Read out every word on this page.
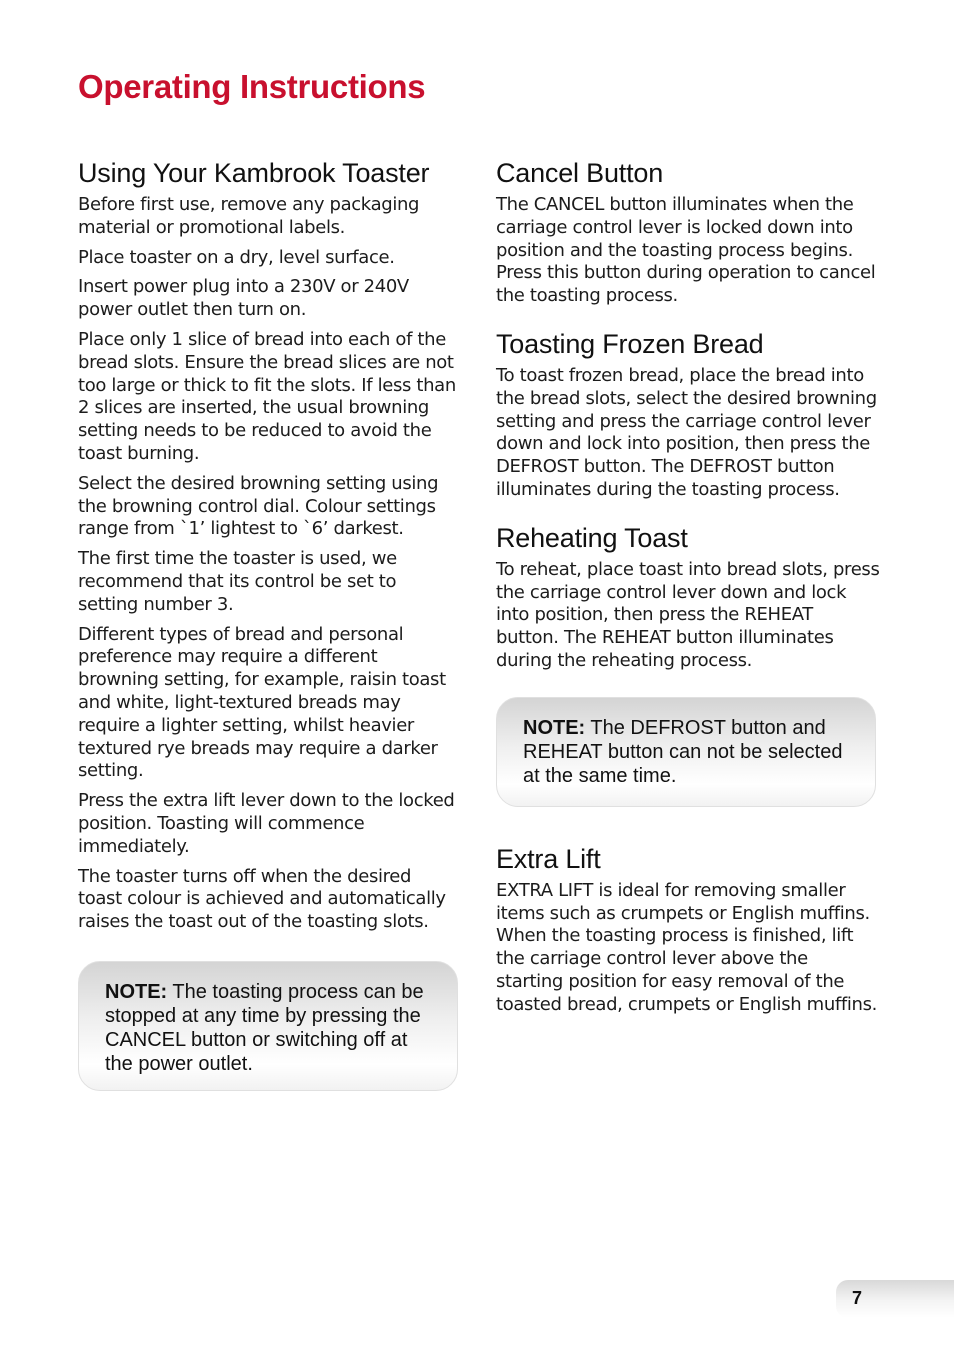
Operating Instructions
Using Your Kambrook Toaster

Before first use, remove any packaging material or promotional labels.

Place toaster on a dry, level surface.

Insert power plug into a 230V or 240V power outlet then turn on.

Place only 1 slice of bread into each of the bread slots. Ensure the bread slices are not too large or thick to fit the slots. If less than 2 slices are inserted, the usual browning setting needs to be reduced to avoid the toast burning.

Select the desired browning setting using the browning control dial. Colour settings range from `1’ lightest to `6’ darkest.

The first time the toaster is used, we recommend that its control be set to setting number 3.

Different types of bread and personal preference may require a different browning setting, for example, raisin toast and white, light-textured breads may require a lighter setting, whilst heavier textured rye breads may require a darker setting.

Press the extra lift lever down to the locked position. Toasting will commence immediately.

The toaster turns off when the desired toast colour is achieved and automatically raises the toast out of the toasting slots.

NOTE: The toasting process can be stopped at any time by pressing the CANCEL button or switching off at the power outlet.
Cancel Button

The CANCEL button illuminates when the carriage control lever is locked down into position and the toasting process begins. Press this button during operation to cancel the toasting process.

Toasting Frozen Bread

To toast frozen bread, place the bread into the bread slots, select the desired browning setting and press the carriage control lever down and lock into position, then press the DEFROST button. The DEFROST button illuminates during the toasting process.

Reheating Toast

To reheat, place toast into bread slots, press the carriage control lever down and lock into position, then press the REHEAT button. The REHEAT button illuminates during the reheating process.

NOTE: The DEFROST button and REHEAT button can not be selected at the same time.
Extra Lift

EXTRA LIFT is ideal for removing smaller items such as crumpets or English muffins. When the toasting process is finished, lift the carriage control lever above the starting position for easy removal of the toasted bread, crumpets or English muffins.

7
